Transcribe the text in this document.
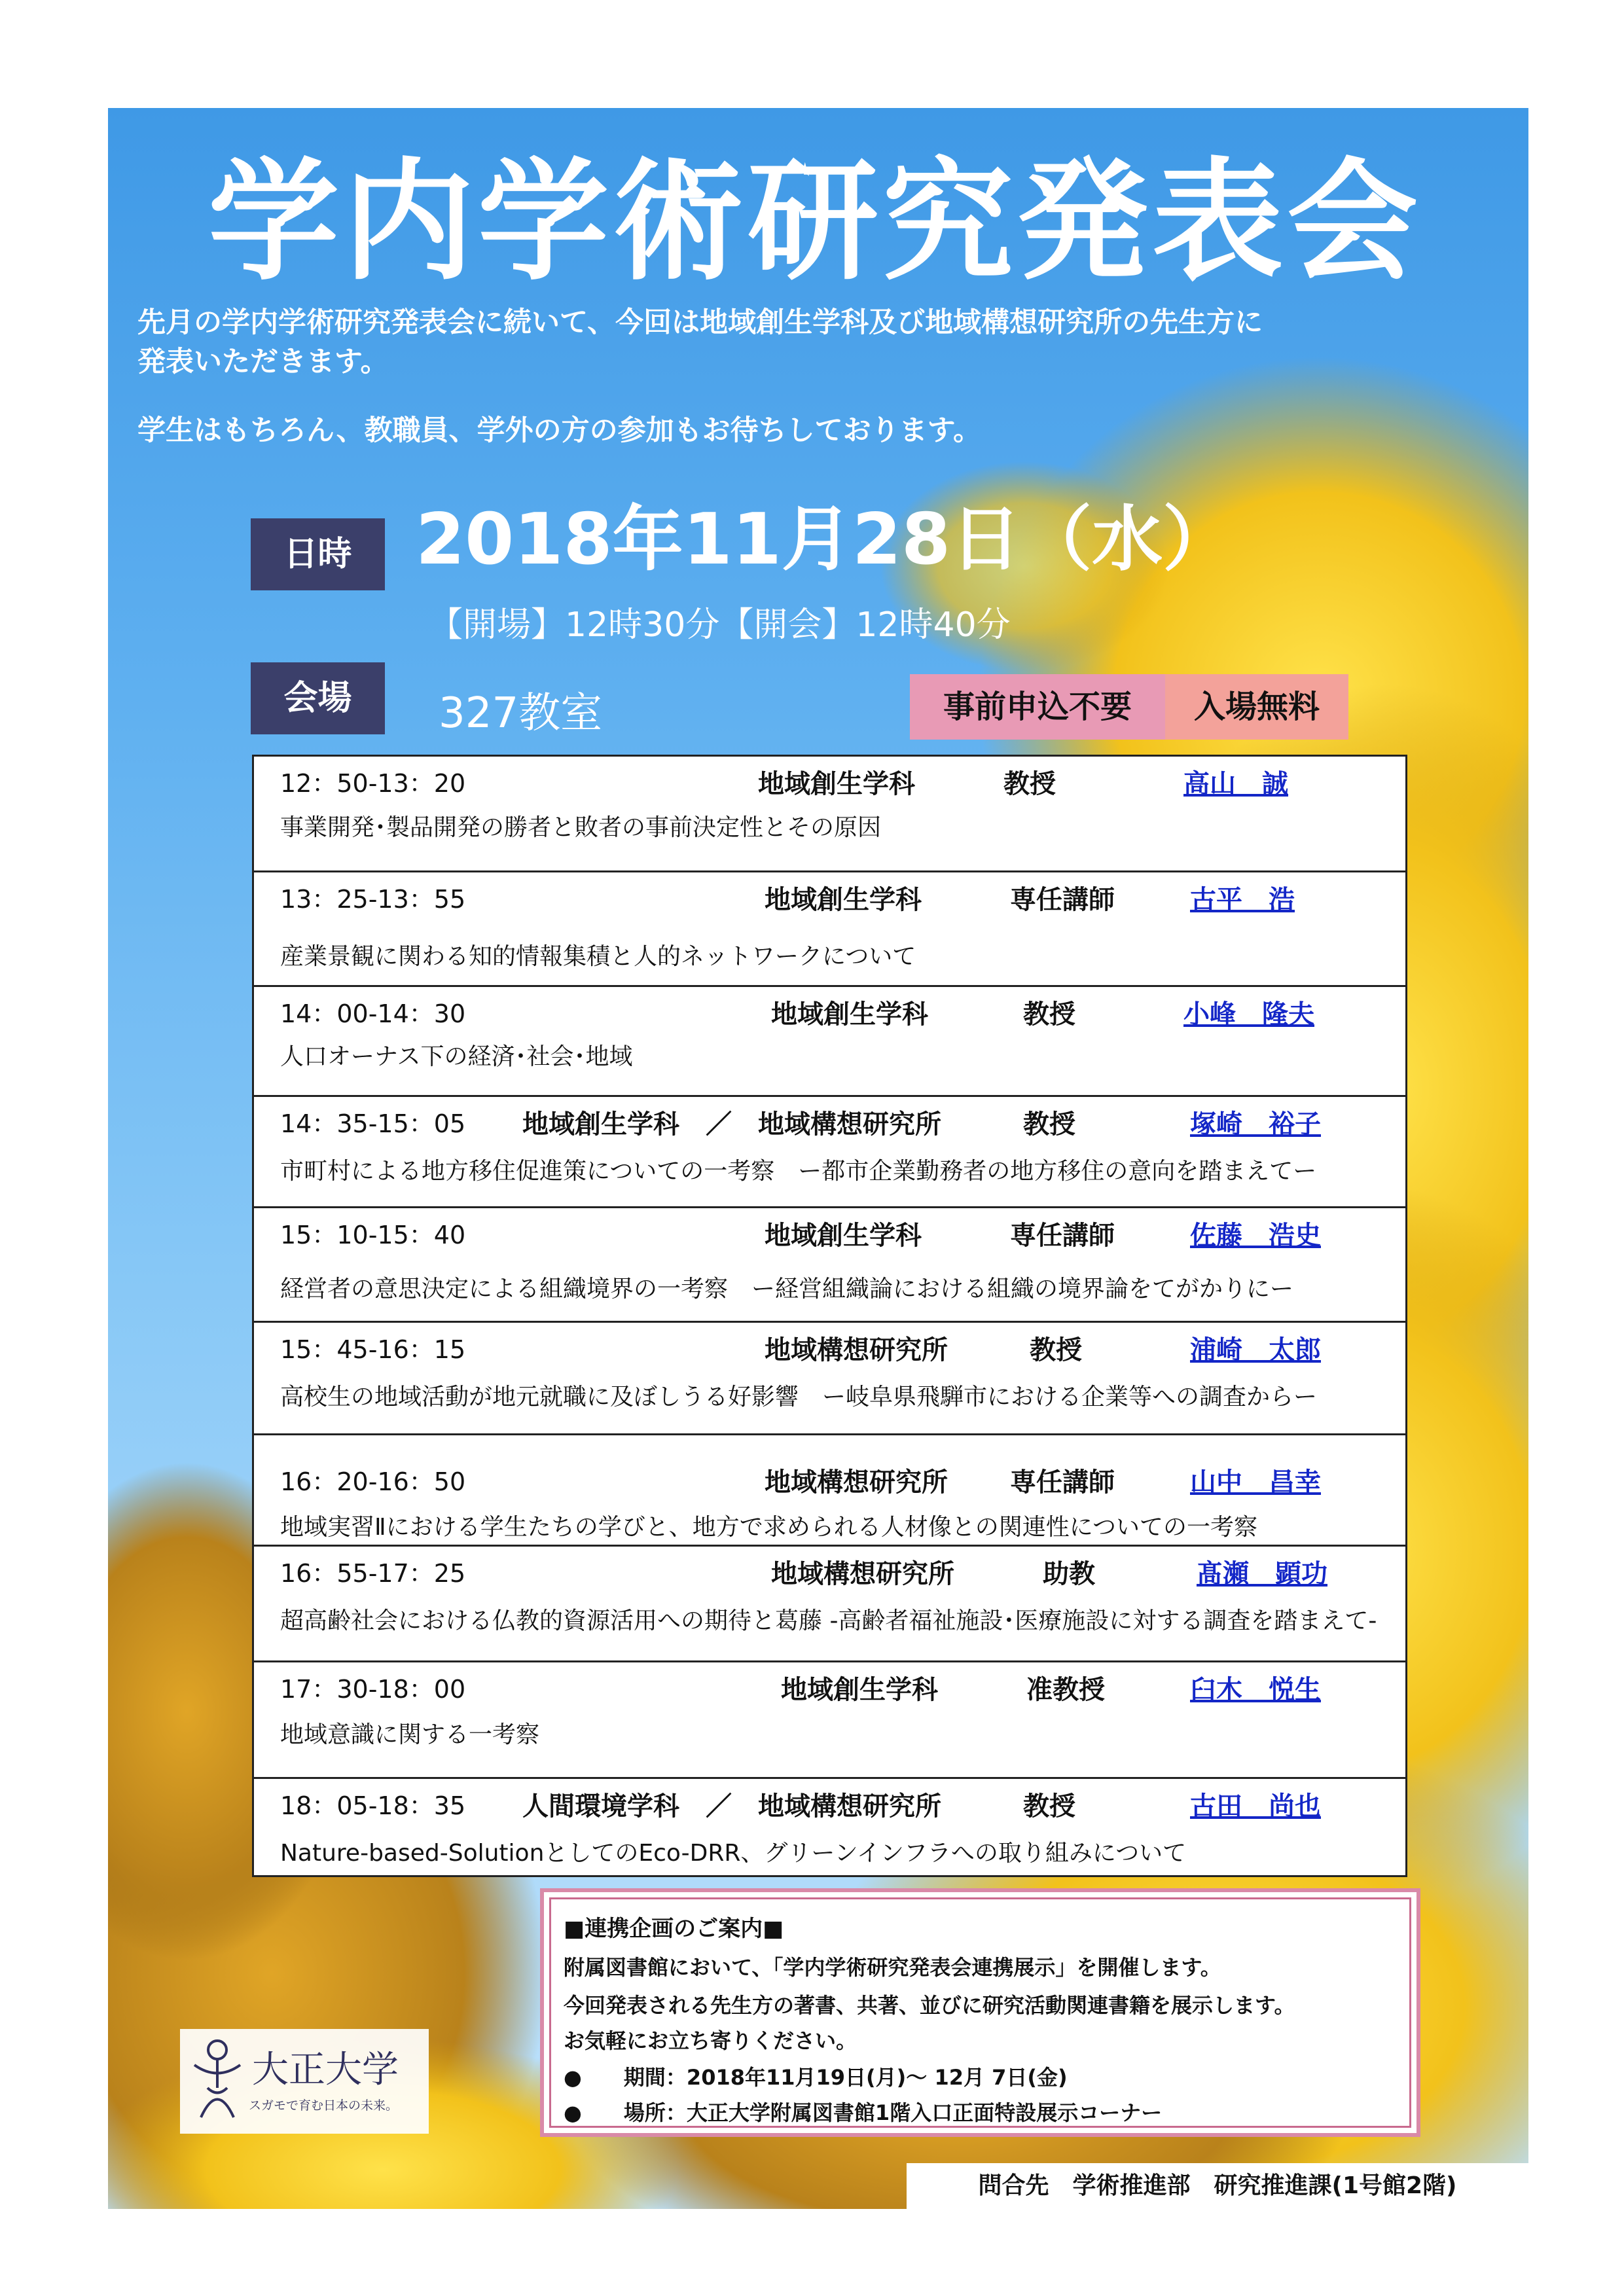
学内学術研究発表会
先月の学内学術研究発表会に続いて、今回は地域創生学科及び地域構想研究所の先生方に
発表いただきます。
学生はもちろん、教職員、学外の方の参加もお待ちしております。
日時 2018年11月28日（水）
【開場】12時30分【開会】12時40分
会場	327教室	事前申込不要	入場無料
12：50-13：20	地域創生学科	教授	高山　誠
事業開発･製品開発の勝者と敗者の事前決定性とその原因
13：25-13：55	地域創生学科	専任講師	古平　浩
産業景観に関わる知的情報集積と人的ネットワークについて
14：00-14：30	地域創生学科	教授	小峰　隆夫
人口オーナス下の経済･社会･地域
14：35-15：05 地域創生学科　／　地域構想研究所	教授	塚崎　裕子
市町村による地方移住促進策についての一考察　ー都市企業勤務者の地方移住の意向を踏まえてー
15：10-15：40	地域創生学科	専任講師	佐藤　浩史
経営者の意思決定による組織境界の一考察　ー経営組織論における組織の境界論をてがかりにー
15：45-16：15	地域構想研究所	教授	浦崎　太郎
高校生の地域活動が地元就職に及ぼしうる好影響　ー岐阜県飛騨市における企業等への調査からー
16：20-16：50	地域構想研究所 専任講師	山中　昌幸
地域実習Ⅱにおける学生たちの学びと、地方で求められる人材像との関連性についての一考察
16：55-17：25	地域構想研究所	助教	髙瀬　顕功
超高齢社会における仏教的資源活用への期待と葛藤 -高齢者福祉施設･医療施設に対する調査を踏まえて-
17：30-18：00	地域創生学科	准教授	臼木　悦生
地域意識に関する一考察
18：05-18：35 人間環境学科　／　地域構想研究所	教授	古田　尚也
Nature-based-SolutionとしてのEco-DRR、グリーンインフラへの取り組みについて
■連携企画のご案内■
附属図書館において、「学内学術研究発表会連携展示」を開催します。
今回発表される先生方の著書、共著、並びに研究活動関連書籍を展示します。
お気軽にお立ち寄りください。
●　　期間：2018年11月19日(月)～ 12月 7日(金)
●　　場所：大正大学附属図書館1階入口正面特設展示コーナー
大正大学
スガモで育む日本の未来。
問合先　学術推進部　研究推進課(1号館2階)
